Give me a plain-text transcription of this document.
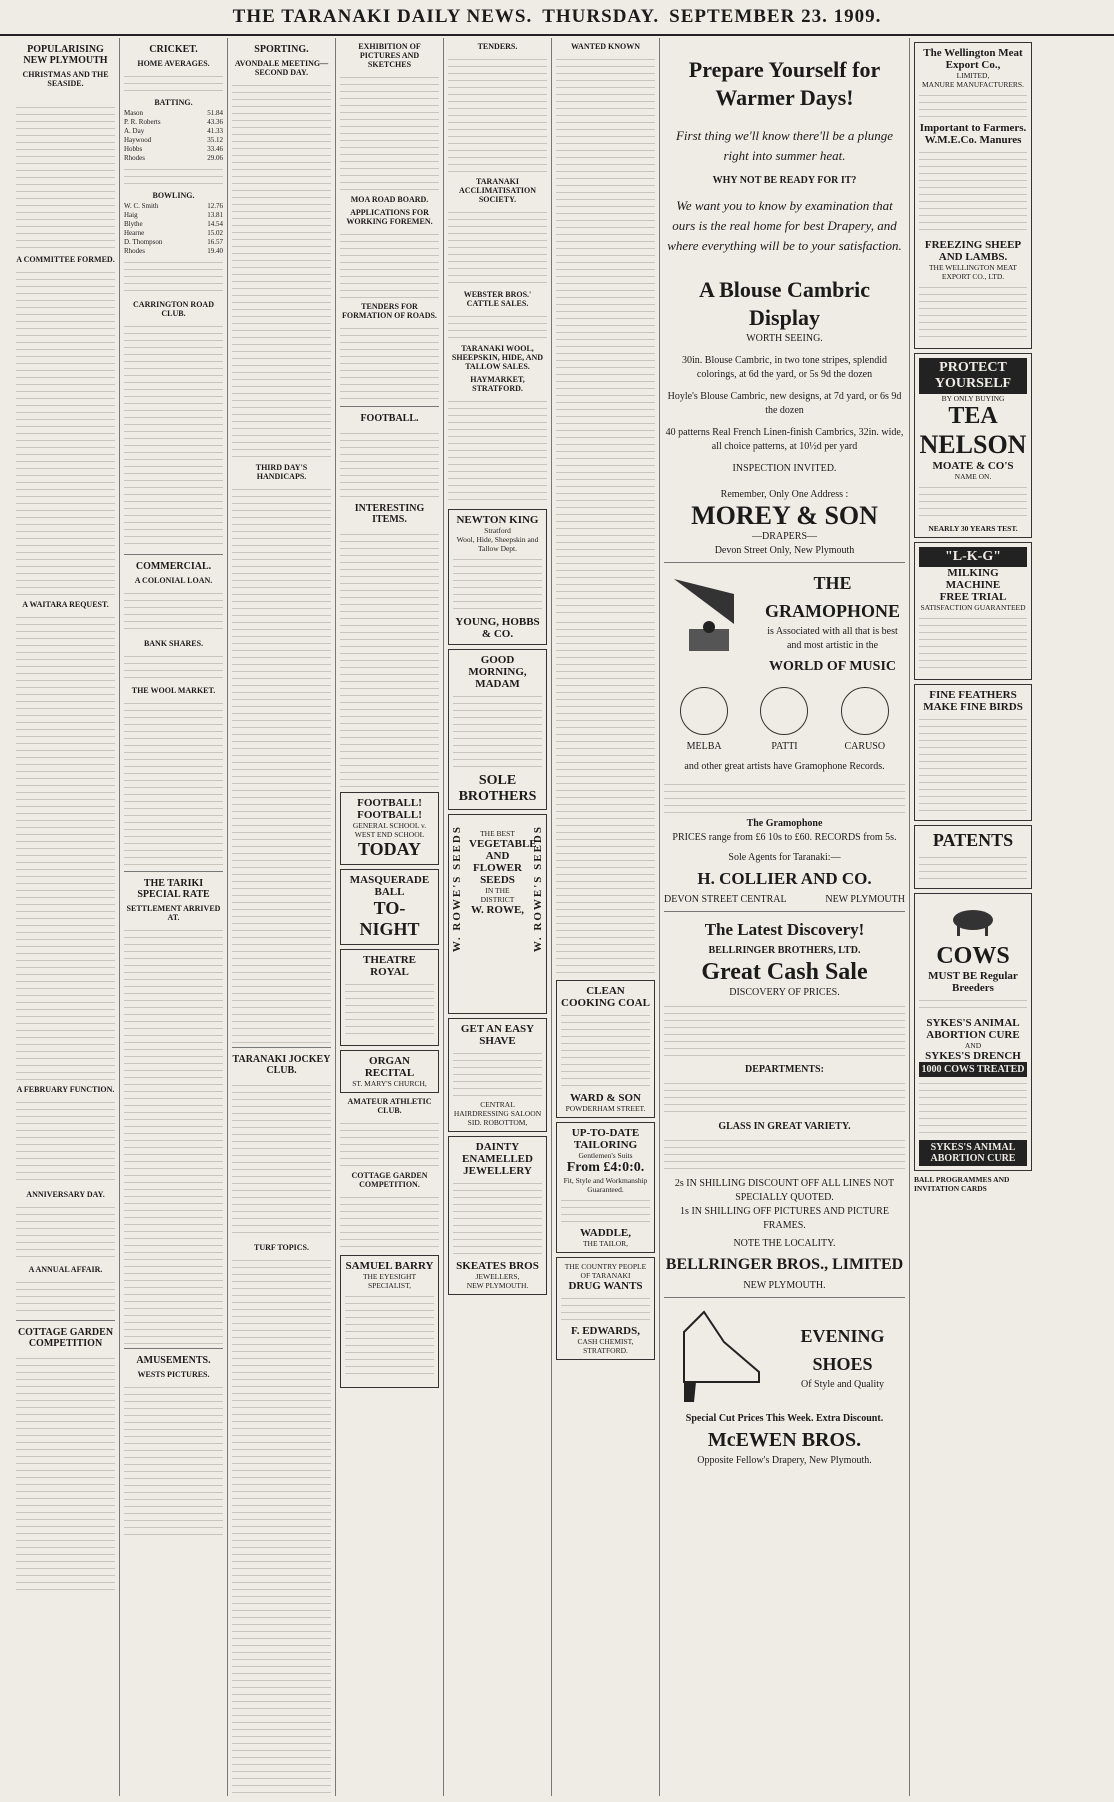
THE TARANAKI DAILY NEWS. THURSDAY. SEPTEMBER 23. 1909.
POPULARISING NEW PLYMOUTH
CHRISTMAS AND THE SEASIDE.

A COMMITTEE FORMED.
A WAITARA REQUEST.
A FEBRUARY FUNCTION.
ANNIVERSARY DAY.
A ANNUAL AFFAIR.
COTTAGE GARDEN COMPETITION
CRICKET.
HOME AVERAGES.
BATTING.
Mason	51.84
P. R. Roberts	43.36
A. Day	41.33
Haywood	35.12
Hobbs	33.46
Rhodes	29.06
BOWLING.
W. C. Smith	12.76
Haig	13.81
Blythe	14.54
Hearne	15.02
D. Thompson	16.57
Rhodes	19.40
CARRINGTON ROAD CLUB.
COMMERCIAL.
A COLONIAL LOAN.
BANK SHARES.
THE WOOL MARKET.
THE TARIKI SPECIAL RATE
SETTLEMENT ARRIVED AT.
AMUSEMENTS.
WESTS PICTURES.
SPORTING.
AVONDALE MEETING—SECOND DAY.
THIRD DAY'S HANDICAPS.
TARANAKI JOCKEY CLUB.
TURF TOPICS.
EXHIBITION OF PICTURES AND SKETCHES
MOA ROAD BOARD.
APPLICATIONS FOR WORKING FOREMEN.
TENDERS FOR FORMATION OF ROADS.
FOOTBALL.
INTERESTING ITEMS.
FOOTBALL! FOOTBALL!
GENERAL SCHOOL v. WEST END SCHOOL
TODAY
MASQUERADE BALL
TO-NIGHT
THEATRE ROYAL
ORGAN RECITAL
ST. MARY'S CHURCH,
AMATEUR ATHLETIC CLUB.
COTTAGE GARDEN COMPETITION.
SAMUEL BARRY
THE EYESIGHT SPECIALIST,
TENDERS.
TARANAKI ACCLIMATISATION SOCIETY.
WEBSTER BROS.' CATTLE SALES.
TARANAKI WOOL, SHEEPSKIN, HIDE, AND TALLOW SALES.
HAYMARKET, STRATFORD.
NEWTON KING
Stratford
Wool, Hide, Sheepskin and Tallow Dept.
YOUNG, HOBBS & CO.
GOOD MORNING, MADAM
SOLE BROTHERS
W. ROWE'S SEEDS	W. ROWE'S SEEDS
THE BEST
VEGETABLE AND FLOWER SEEDS
IN THE DISTRICT
W. ROWE,
GET AN EASY SHAVE
CENTRAL HAIRDRESSING SALOON
SID. ROBOTTOM,
DAINTY ENAMELLED JEWELLERY
SKEATES BROS
JEWELLERS,
NEW PLYMOUTH.
WANTED KNOWN
CLEAN COOKING COAL
WARD & SON
POWDERHAM STREET.
UP-TO-DATE TAILORING
Gentlemen's Suits
From £4:0:0.
Fit, Style and Workmanship Guaranteed.
WADDLE,
THE TAILOR,
THE COUNTRY PEOPLE OF TARANAKI
DRUG WANTS
F. EDWARDS,
CASH CHEMIST,
STRATFORD.
Prepare Yourself for Warmer Days!
First thing we'll know there'll be a plunge right into summer heat.
WHY NOT BE READY FOR IT?
We want you to know by examination that ours is the real home for best Drapery, and where everything will be to your satisfaction.
A Blouse Cambric Display
WORTH SEEING.
30in. Blouse Cambric, in two tone stripes, splendid colorings, at 6d the yard, or 5s 9d the dozen
Hoyle's Blouse Cambric, new designs, at 7d yard, or 6s 9d the dozen
40 patterns Real French Linen-finish Cambrics, 32in. wide, all choice patterns, at 10½d per yard
INSPECTION INVITED.
Remember, Only One Address :
MOREY & SON
—DRAPERS—
Devon Street Only, New Plymouth
THE GRAMOPHONE
is Associated with all that is best and most artistic in the
WORLD OF MUSIC
MELBA	PATTI	CARUSO
and other great artists have Gramophone Records.
The Gramophone
PRICES range from £6 10s to £60. RECORDS from 5s.
Sole Agents for Taranaki:—
H. COLLIER AND CO.
DEVON STREET CENTRAL	NEW PLYMOUTH
The Latest Discovery!
BELLRINGER BROTHERS, LTD.
Great Cash Sale
DISCOVERY OF PRICES.
DEPARTMENTS:
GLASS IN GREAT VARIETY.
2s IN SHILLING DISCOUNT OFF ALL LINES NOT SPECIALLY QUOTED.
1s IN SHILLING OFF PICTURES AND PICTURE FRAMES.
NOTE THE LOCALITY.
BELLRINGER BROS., LIMITED
NEW PLYMOUTH.
EVENING SHOES
Of Style and Quality
Special Cut Prices This Week. Extra Discount.
McEWEN BROS.
Opposite Fellow's Drapery, New Plymouth.
The Wellington Meat Export Co.,
LIMITED,
MANURE MANUFACTURERS.
Important to Farmers.
W.M.E.Co. Manures
FREEZING SHEEP AND LAMBS.
THE WELLINGTON MEAT EXPORT CO., LTD.
PROTECT YOURSELF
BY ONLY BUYING
TEA
NELSON
MOATE & CO'S
NAME ON.
NEARLY 30 YEARS TEST.
"L-K-G"
MILKING MACHINE
FREE TRIAL
SATISFACTION GUARANTEED
FINE FEATHERS MAKE FINE BIRDS
PATENTS
COWS
MUST BE Regular Breeders
SYKES'S ANIMAL ABORTION CURE
AND
SYKES'S DRENCH
1000 COWS TREATED
SYKES'S ANIMAL ABORTION CURE
BALL PROGRAMMES AND INVITATION CARDS
